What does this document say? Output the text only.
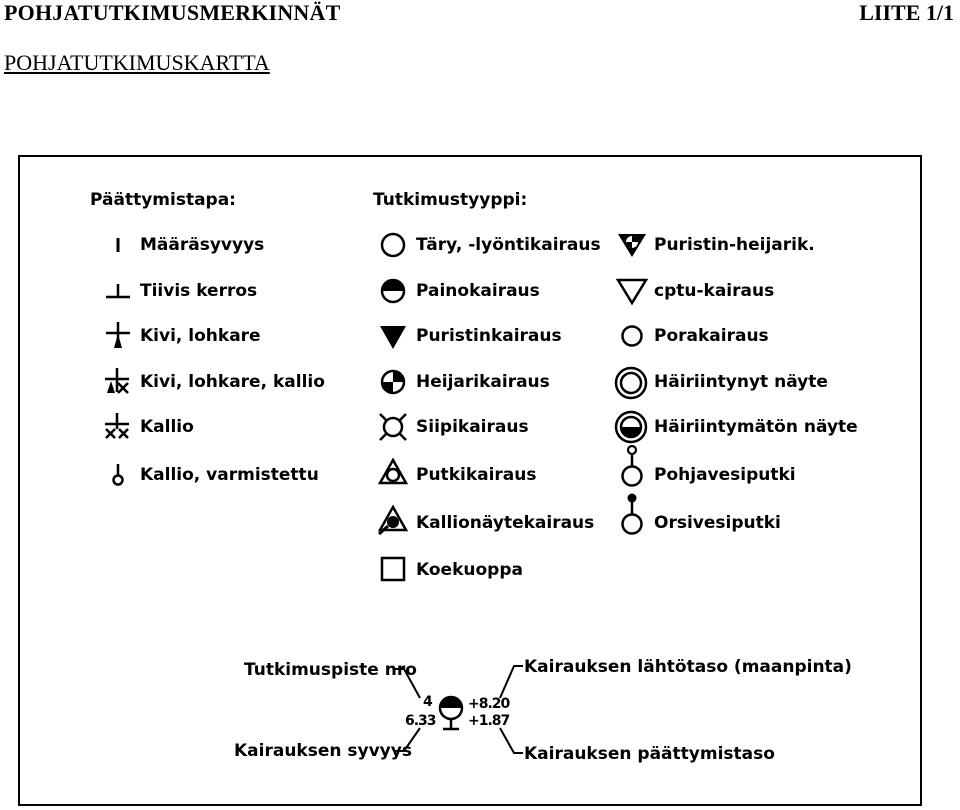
POHJATUTKIMUSMERKINNÄT	LIITE 1/1
POHJATUTKIMUSKARTTA
Päättymistapa:	Tutkimustyyppi:
Määräsyvyys
Tiivis kerros
Kivi, lohkare
Kivi, lohkare, kallio
Kallio
Kallio, varmistettu
Täry, -lyöntikairaus
Painokairaus
Puristinkairaus
Heijarikairaus
Siipikairaus
Putkikairaus
Kallionäytekairaus
Koekuoppa
Puristin-heijarik.
cptu-kairaus
Porakairaus
Häiriintynyt näyte
Häiriintymätön näyte
Pohjavesiputki
Orsivesiputki
Tutkimuspiste nro
Kairauksen syvyys
Kairauksen lähtötaso (maanpinta)
Kairauksen päättymistaso
4
6.33
+8.20
+1.87
